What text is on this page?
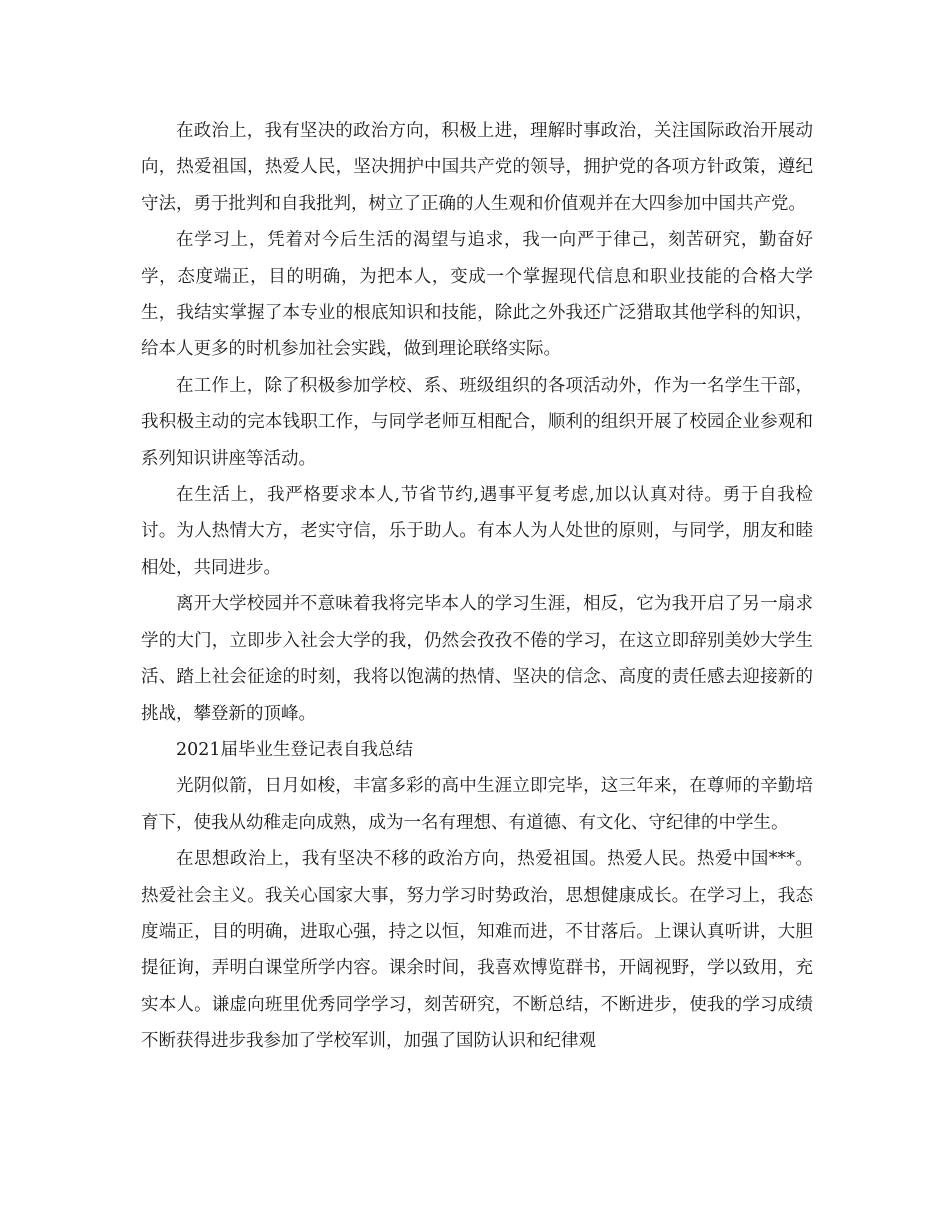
在政治上，我有坚决的政治方向，积极上进，理解时事政治，关注国际政治开展动向，热爱祖国，热爱人民，坚决拥护中国共产党的领导，拥护党的各项方针政策，遵纪守法，勇于批判和自我批判，树立了正确的人生观和价值观并在大四参加中国共产党。

在学习上，凭着对今后生活的渴望与追求，我一向严于律己，刻苦研究，勤奋好学，态度端正，目的明确，为把本人，变成一个掌握现代信息和职业技能的合格大学生，我结实掌握了本专业的根底知识和技能，除此之外我还广泛猎取其他学科的知识，给本人更多的时机参加社会实践，做到理论联络实际。

在工作上，除了积极参加学校、系、班级组织的各项活动外，作为一名学生干部，我积极主动的完本钱职工作，与同学老师互相配合，顺利的组织开展了校园企业参观和系列知识讲座等活动。

在生活上，我严格要求本人,节省节约,遇事平复考虑,加以认真对待。勇于自我检讨。为人热情大方，老实守信，乐于助人。有本人为人处世的原则，与同学，朋友和睦相处，共同进步。

离开大学校园并不意味着我将完毕本人的学习生涯，相反，它为我开启了另一扇求学的大门，立即步入社会大学的我，仍然会孜孜不倦的学习，在这立即辞别美妙大学生活、踏上社会征途的时刻，我将以饱满的热情、坚决的信念、高度的责任感去迎接新的挑战，攀登新的顶峰。

2021届毕业生登记表自我总结

光阴似箭，日月如梭，丰富多彩的高中生涯立即完毕，这三年来，在尊师的辛勤培育下，使我从幼稚走向成熟，成为一名有理想、有道德、有文化、守纪律的中学生。

在思想政治上，我有坚决不移的政治方向，热爱祖国。热爱人民。热爱中国***。热爱社会主义。我关心国家大事，努力学习时势政治，思想健康成长。在学习上，我态度端正，目的明确，进取心强，持之以恒，知难而进，不甘落后。上课认真听讲，大胆提征询，弄明白课堂所学内容。课余时间，我喜欢博览群书，开阔视野，学以致用，充实本人。谦虚向班里优秀同学学习，刻苦研究，不断总结，不断进步，使我的学习成绩不断获得进步我参加了学校军训，加强了国防认识和纪律观
